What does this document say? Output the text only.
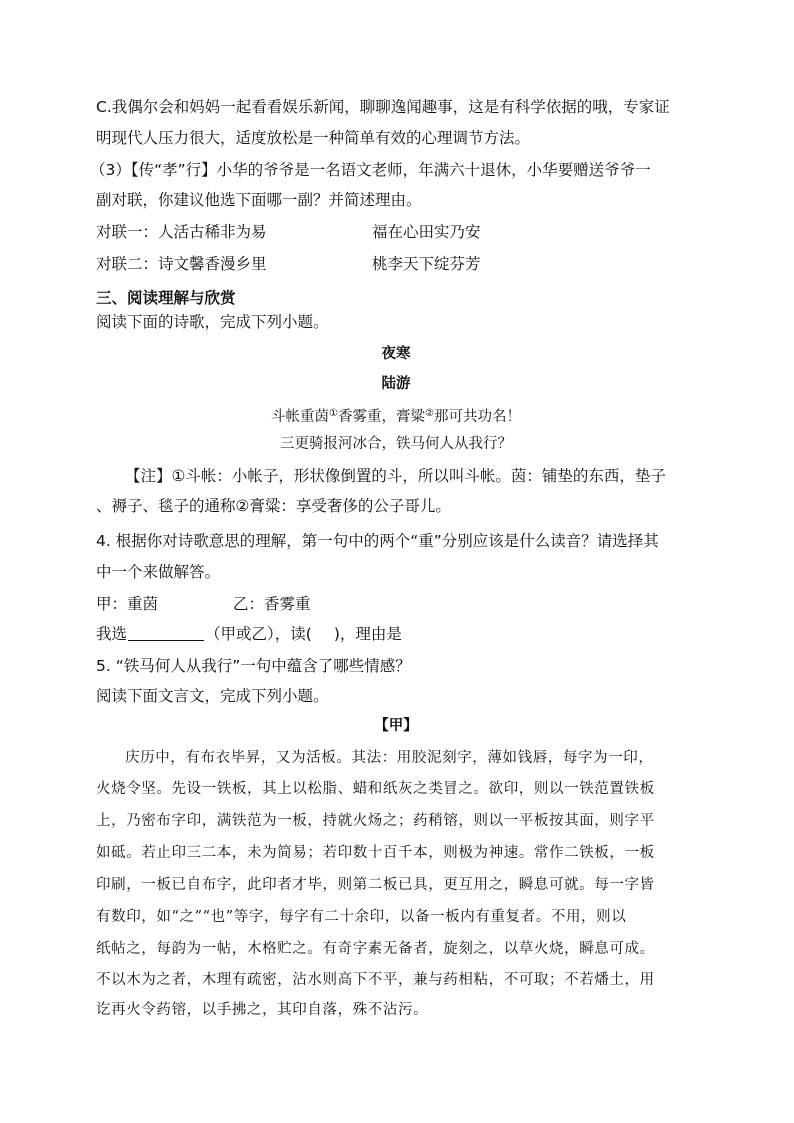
C.我偶尔会和妈妈一起看看娱乐新闻，聊聊逸闻趣事，这是有科学依据的哦，专家证
明现代人压力很大，适度放松是一种简单有效的心理调节方法。
（3）【传“孝”行】小华的爷爷是一名语文老师，年满六十退休，小华要赠送爷爷一
副对联，你建议他选下面哪一副？并简述理由。
对联一：人活古稀非为易	福在心田实乃安
对联二：诗文馨香漫乡里	桃李天下绽芬芳
三、阅读理解与欣赏
阅读下面的诗歌，完成下列小题。
夜寒
陆游
斗帐重茵①香雾重，膏粱②那可共功名！
三更骑报河冰合，铁马何人从我行？
【注】①斗帐：小帐子，形状像倒置的斗，所以叫斗帐。茵：铺垫的东西，垫子
、褥子、毯子的通称②膏粱：享受奢侈的公子哥儿。
4. 根据你对诗歌意思的理解，第一句中的两个“重”分别应该是什么读音？请选择其
中一个来做解答。
甲：重茵	乙：香雾重
我选	（甲或乙），读( )，理由是
5. “铁马何人从我行”一句中蕴含了哪些情感？
阅读下面文言文，完成下列小题。
【甲】
庆历中，有布衣毕昇，又为活板。其法：用胶泥刻字，薄如钱唇，每字为一印，
火烧令坚。先设一铁板，其上以松脂、蜡和纸灰之类冒之。欲印，则以一铁范置铁板
上，乃密布字印，满铁范为一板，持就火炀之；药稍镕，则以一平板按其面，则字平
如砥。若止印三二本，未为简易；若印数十百千本，则极为神速。常作二铁板，一板
印刷，一板已自布字，此印者才毕，则第二板已具，更互用之，瞬息可就。每一字皆
有数印，如“之”“也”等字，每字有二十余印，以备一板内有重复者。不用，则以
纸帖之，每韵为一帖，木格贮之。有奇字素无备者，旋刻之，以草火烧，瞬息可成。
不以木为之者，木理有疏密，沾水则高下不平，兼与药相粘，不可取；不若燔土，用
讫再火令药镕，以手拂之，其印自落，殊不沾污。
